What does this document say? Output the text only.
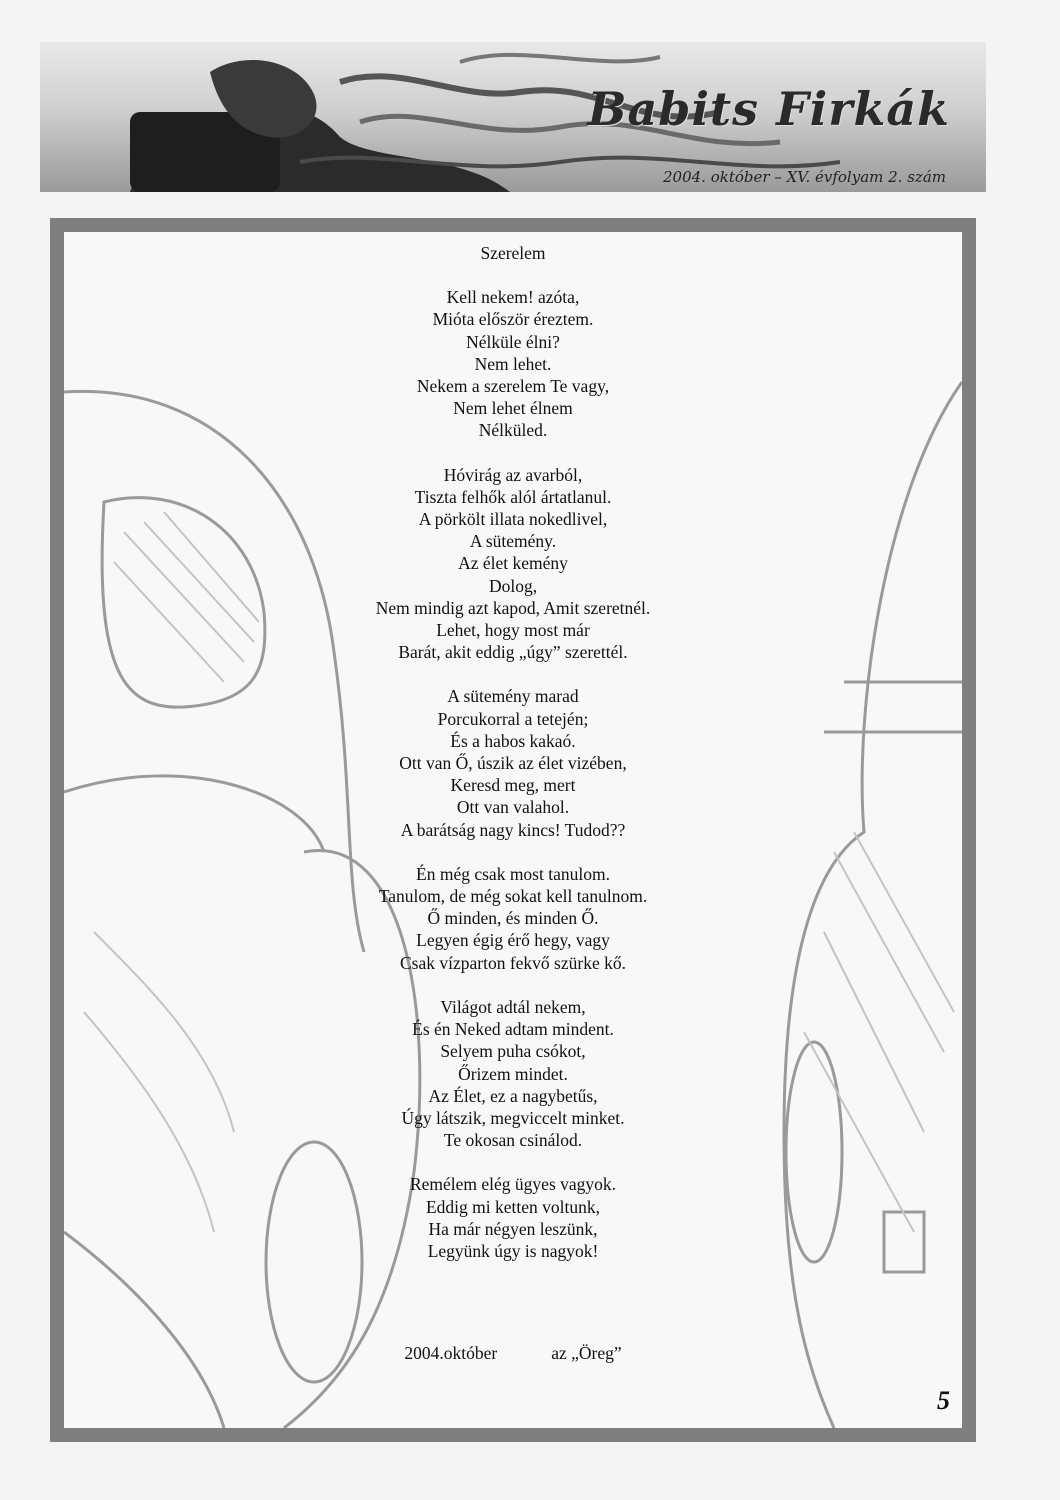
Babits Firkák
2004. október – XV. évfolyam 2. szám
Szerelem
Kell nekem! azóta,
Mióta először éreztem.
Nélküle élni?
Nem lehet.
Nekem a szerelem Te vagy,
Nem lehet élnem
Nélküled.
Hóvirág az avarból,
Tiszta felhők alól ártatlanul.
A pörkölt illata nokedlivel,
A sütemény.
Az élet kemény
Dolog,
Nem mindig azt kapod, Amit szeretnél.
Lehet, hogy most már
Barát, akit eddig „úgy” szerettél.
A sütemény marad
Porcukorral a tetején;
És a habos kakaó.
Ott van Ő, úszik az élet vizében,
Keresd meg, mert
Ott van valahol.
A barátság nagy kincs! Tudod??
Én még csak most tanulom.
Tanulom, de még sokat kell tanulnom.
Ő minden, és minden Ő.
Legyen égig érő hegy, vagy
Csak vízparton fekvő szürke kő.
Világot adtál nekem,
És én Neked adtam mindent.
Selyem puha csókot,
Őrizem mindet.
Az Élet, ez a nagybetűs,
Úgy látszik, megviccelt minket.
Te okosan csinálod.
Remélem elég ügyes vagyok.
Eddig mi ketten voltunk,
Ha már négyen leszünk,
Legyünk úgy is nagyok!
2004.október	az „Öreg”
5
